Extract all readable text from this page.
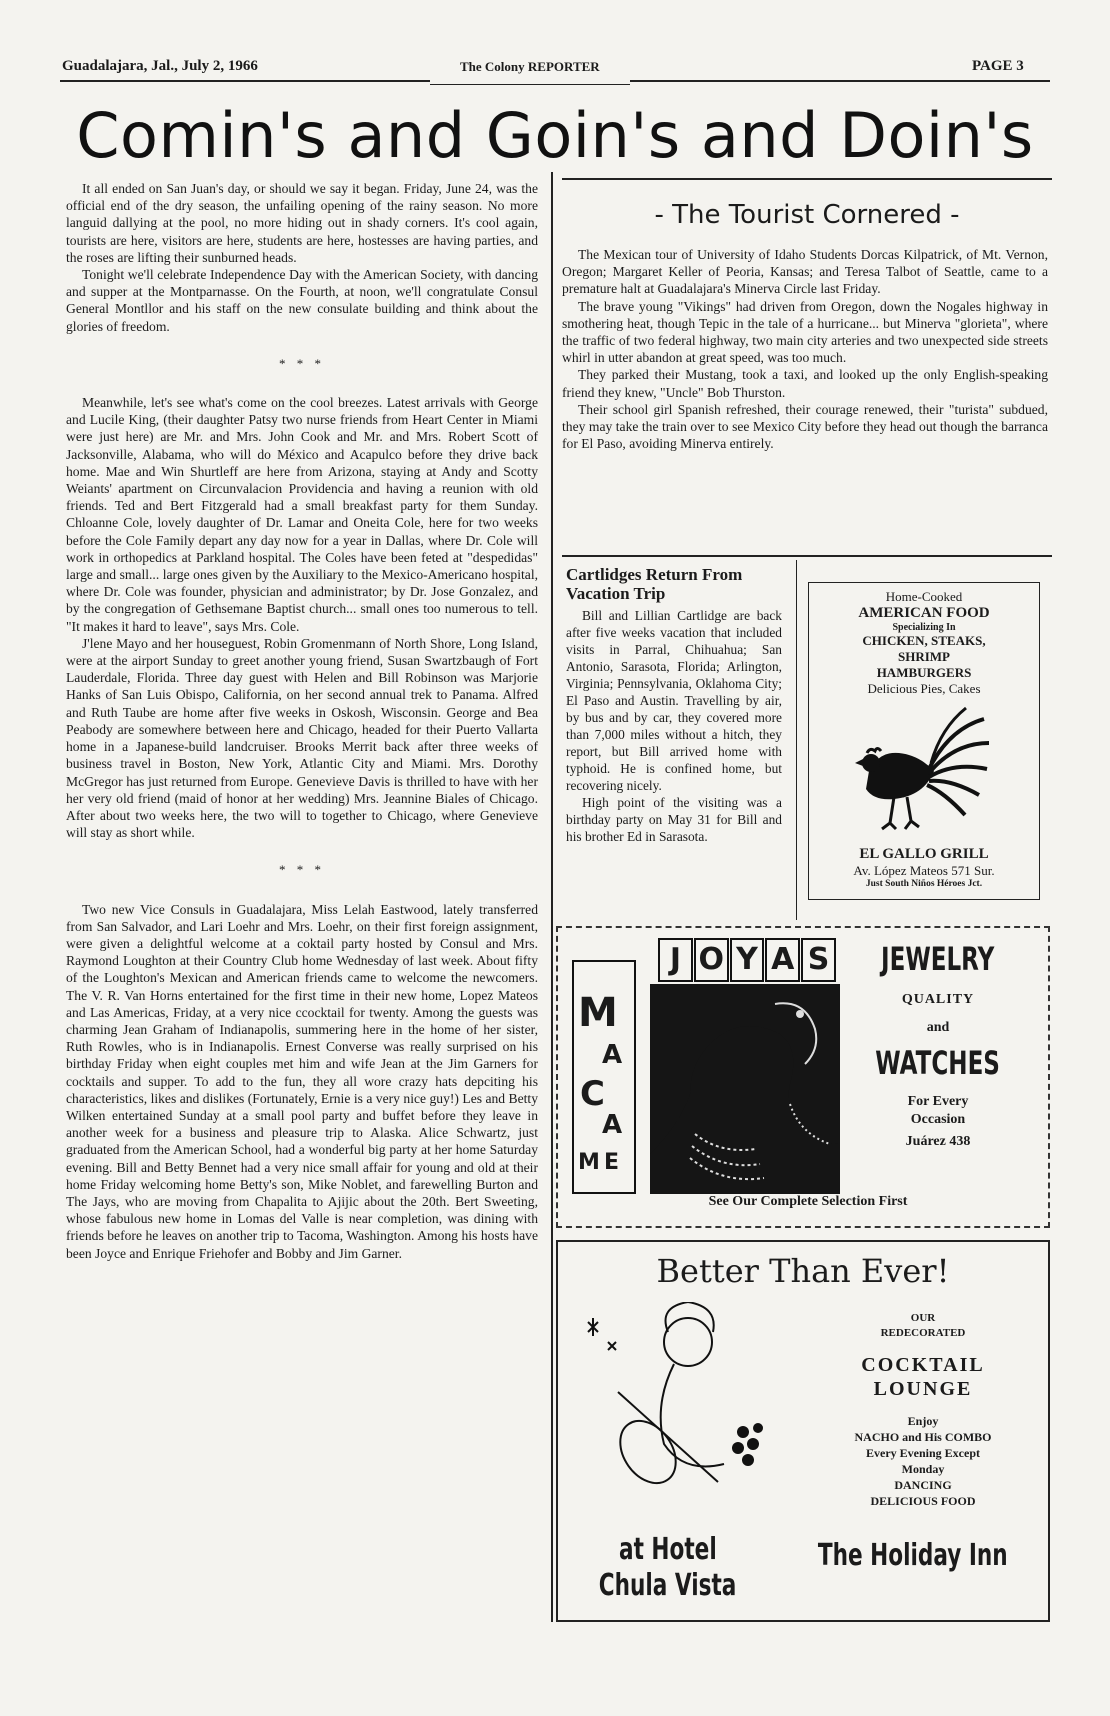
Guadalajara, Jal., July 2, 1966	The Colony REPORTER	PAGE 3
Comin's and Goin's and Doin's

It all ended on San Juan's day, or should we say it began. Friday, June 24, was the official end of the dry season, the unfailing opening of the rainy season. No more languid dallying at the pool, no more hiding out in shady corners. It's cool again, tourists are here, visitors are here, students are here, hostesses are having parties, and the roses are lifting their sunburned heads.

Tonight we'll celebrate Independence Day with the American Society, with dancing and supper at the Montparnasse. On the Fourth, at noon, we'll congratulate Consul General Montllor and his staff on the new consulate building and think about the glories of freedom.

* * *

Meanwhile, let's see what's come on the cool breezes. Latest arrivals with George and Lucile King, (their daughter Patsy two nurse friends from Heart Center in Miami were just here) are Mr. and Mrs. John Cook and Mr. and Mrs. Robert Scott of Jacksonville, Alabama, who will do México and Acapulco before they drive back home. Mae and Win Shurtleff are here from Arizona, staying at Andy and Scotty Weiants' apartment on Circunvalacion Providencia and having a reunion with old friends. Ted and Bert Fitzgerald had a small breakfast party for them Sunday. Chloanne Cole, lovely daughter of Dr. Lamar and Oneita Cole, here for two weeks before the Cole Family depart any day now for a year in Dallas, where Dr. Cole will work in orthopedics at Parkland hospital. The Coles have been feted at "despedidas" large and small... large ones given by the Auxiliary to the Mexico-Americano hospital, where Dr. Cole was founder, physician and administrator; by Dr. Jose Gonzalez, and by the congregation of Gethsemane Baptist church... small ones too numerous to tell. "It makes it hard to leave", says Mrs. Cole.

J'lene Mayo and her houseguest, Robin Gromenmann of North Shore, Long Island, were at the airport Sunday to greet another young friend, Susan Swartzbaugh of Fort Lauderdale, Florida. Three day guest with Helen and Bill Robinson was Marjorie Hanks of San Luis Obispo, California, on her second annual trek to Panama. Alfred and Ruth Taube are home after five weeks in Oskosh, Wisconsin. George and Bea Peabody are somewhere between here and Chicago, headed for their Puerto Vallarta home in a Japanese-build landcruiser. Brooks Merrit back after three weeks of business travel in Boston, New York, Atlantic City and Miami. Mrs. Dorothy McGregor has just returned from Europe. Genevieve Davis is thrilled to have with her her very old friend (maid of honor at her wedding) Mrs. Jeannine Biales of Chicago. After about two weeks here, the two will to together to Chicago, where Genevieve will stay as short while.

* * *

Two new Vice Consuls in Guadalajara, Miss Lelah Eastwood, lately transferred from San Salvador, and Lari Loehr and Mrs. Loehr, on their first foreign assignment, were given a delightful welcome at a coktail party hosted by Consul and Mrs. Raymond Loughton at their Country Club home Wednesday of last week. About fifty of the Loughton's Mexican and American friends came to welcome the newcomers. The V. R. Van Horns entertained for the first time in their new home, Lopez Mateos and Las Americas, Friday, at a very nice ccocktail for twenty. Among the guests was charming Jean Graham of Indianapolis, summering here in the home of her sister, Ruth Rowles, who is in Indianapolis. Ernest Converse was really surprised on his birthday Friday when eight couples met him and wife Jean at the Jim Garners for cocktails and supper. To add to the fun, they all wore crazy hats depciting his characteristics, likes and dislikes (Fortunately, Ernie is a very nice guy!) Les and Betty Wilken entertained Sunday at a small pool party and buffet before they leave in another week for a business and pleasure trip to Alaska. Alice Schwartz, just graduated from the American School, had a wonderful big party at her home Saturday evening. Bill and Betty Bennet had a very nice small affair for young and old at their home Friday welcoming home Betty's son, Mike Noblet, and farewelling Burton and The Jays, who are moving from Chapalita to Ajijic about the 20th. Bert Sweeting, whose fabulous new home in Lomas del Valle is near completion, was dining with friends before he leaves on another trip to Tacoma, Washington. Among his hosts have been Joyce and Enrique Friehofer and Bobby and Jim Garner.

- The Tourist Cornered -

The Mexican tour of University of Idaho Students Dorcas Kilpatrick, of Mt. Vernon, Oregon; Margaret Keller of Peoria, Kansas; and Teresa Talbot of Seattle, came to a premature halt at Guadalajara's Minerva Circle last Friday.

The brave young "Vikings" had driven from Oregon, down the Nogales highway in smothering heat, though Tepic in the tale of a hurricane... but Minerva "glorieta", where the traffic of two federal highway, two main city arteries and two unexpected side streets whirl in utter abandon at great speed, was too much.

They parked their Mustang, took a taxi, and looked up the only English-speaking friend they knew, "Uncle" Bob Thurston.

Their school girl Spanish refreshed, their courage renewed, their "turista" subdued, they may take the train over to see Mexico City before they head out though the barranca for El Paso, avoiding Minerva entirely.

Cartlidges Return From Vacation Trip

Bill and Lillian Cartlidge are back after five weeks vacation that included visits in Parral, Chihuahua; San Antonio, Sarasota, Florida; Arlington, Virginia; Pennsylvania, Oklahoma City; El Paso and Austin. Travelling by air, by bus and by car, they covered more than 7,000 miles without a hitch, they report, but Bill arrived home with typhoid. He is confined home, but recovering nicely.

High point of the visiting was a birthday party on May 31 for Bill and his brother Ed in Sarasota.

Home-Cooked
AMERICAN FOOD
Specializing In
CHICKEN, STEAKS,
SHRIMP
HAMBURGERS
Delicious Pies, Cakes
EL GALLO GRILL
Av. López Mateos 571 Sur.
Just South Niños Héroes Jct.
M
A
C
A
M E
J O Y A S	JEWELRY
QUALITY
and
WATCHES
For Every
Occasion
Juárez 438
See Our Complete Selection First
Better Than Ever!
OUR
REDECORATED
COCKTAIL
LOUNGE
Enjoy
NACHO and His COMBO
Every Evening Except
Monday
DANCING
DELICIOUS FOOD
at Hotel
Chula Vista
The Holiday Inn
